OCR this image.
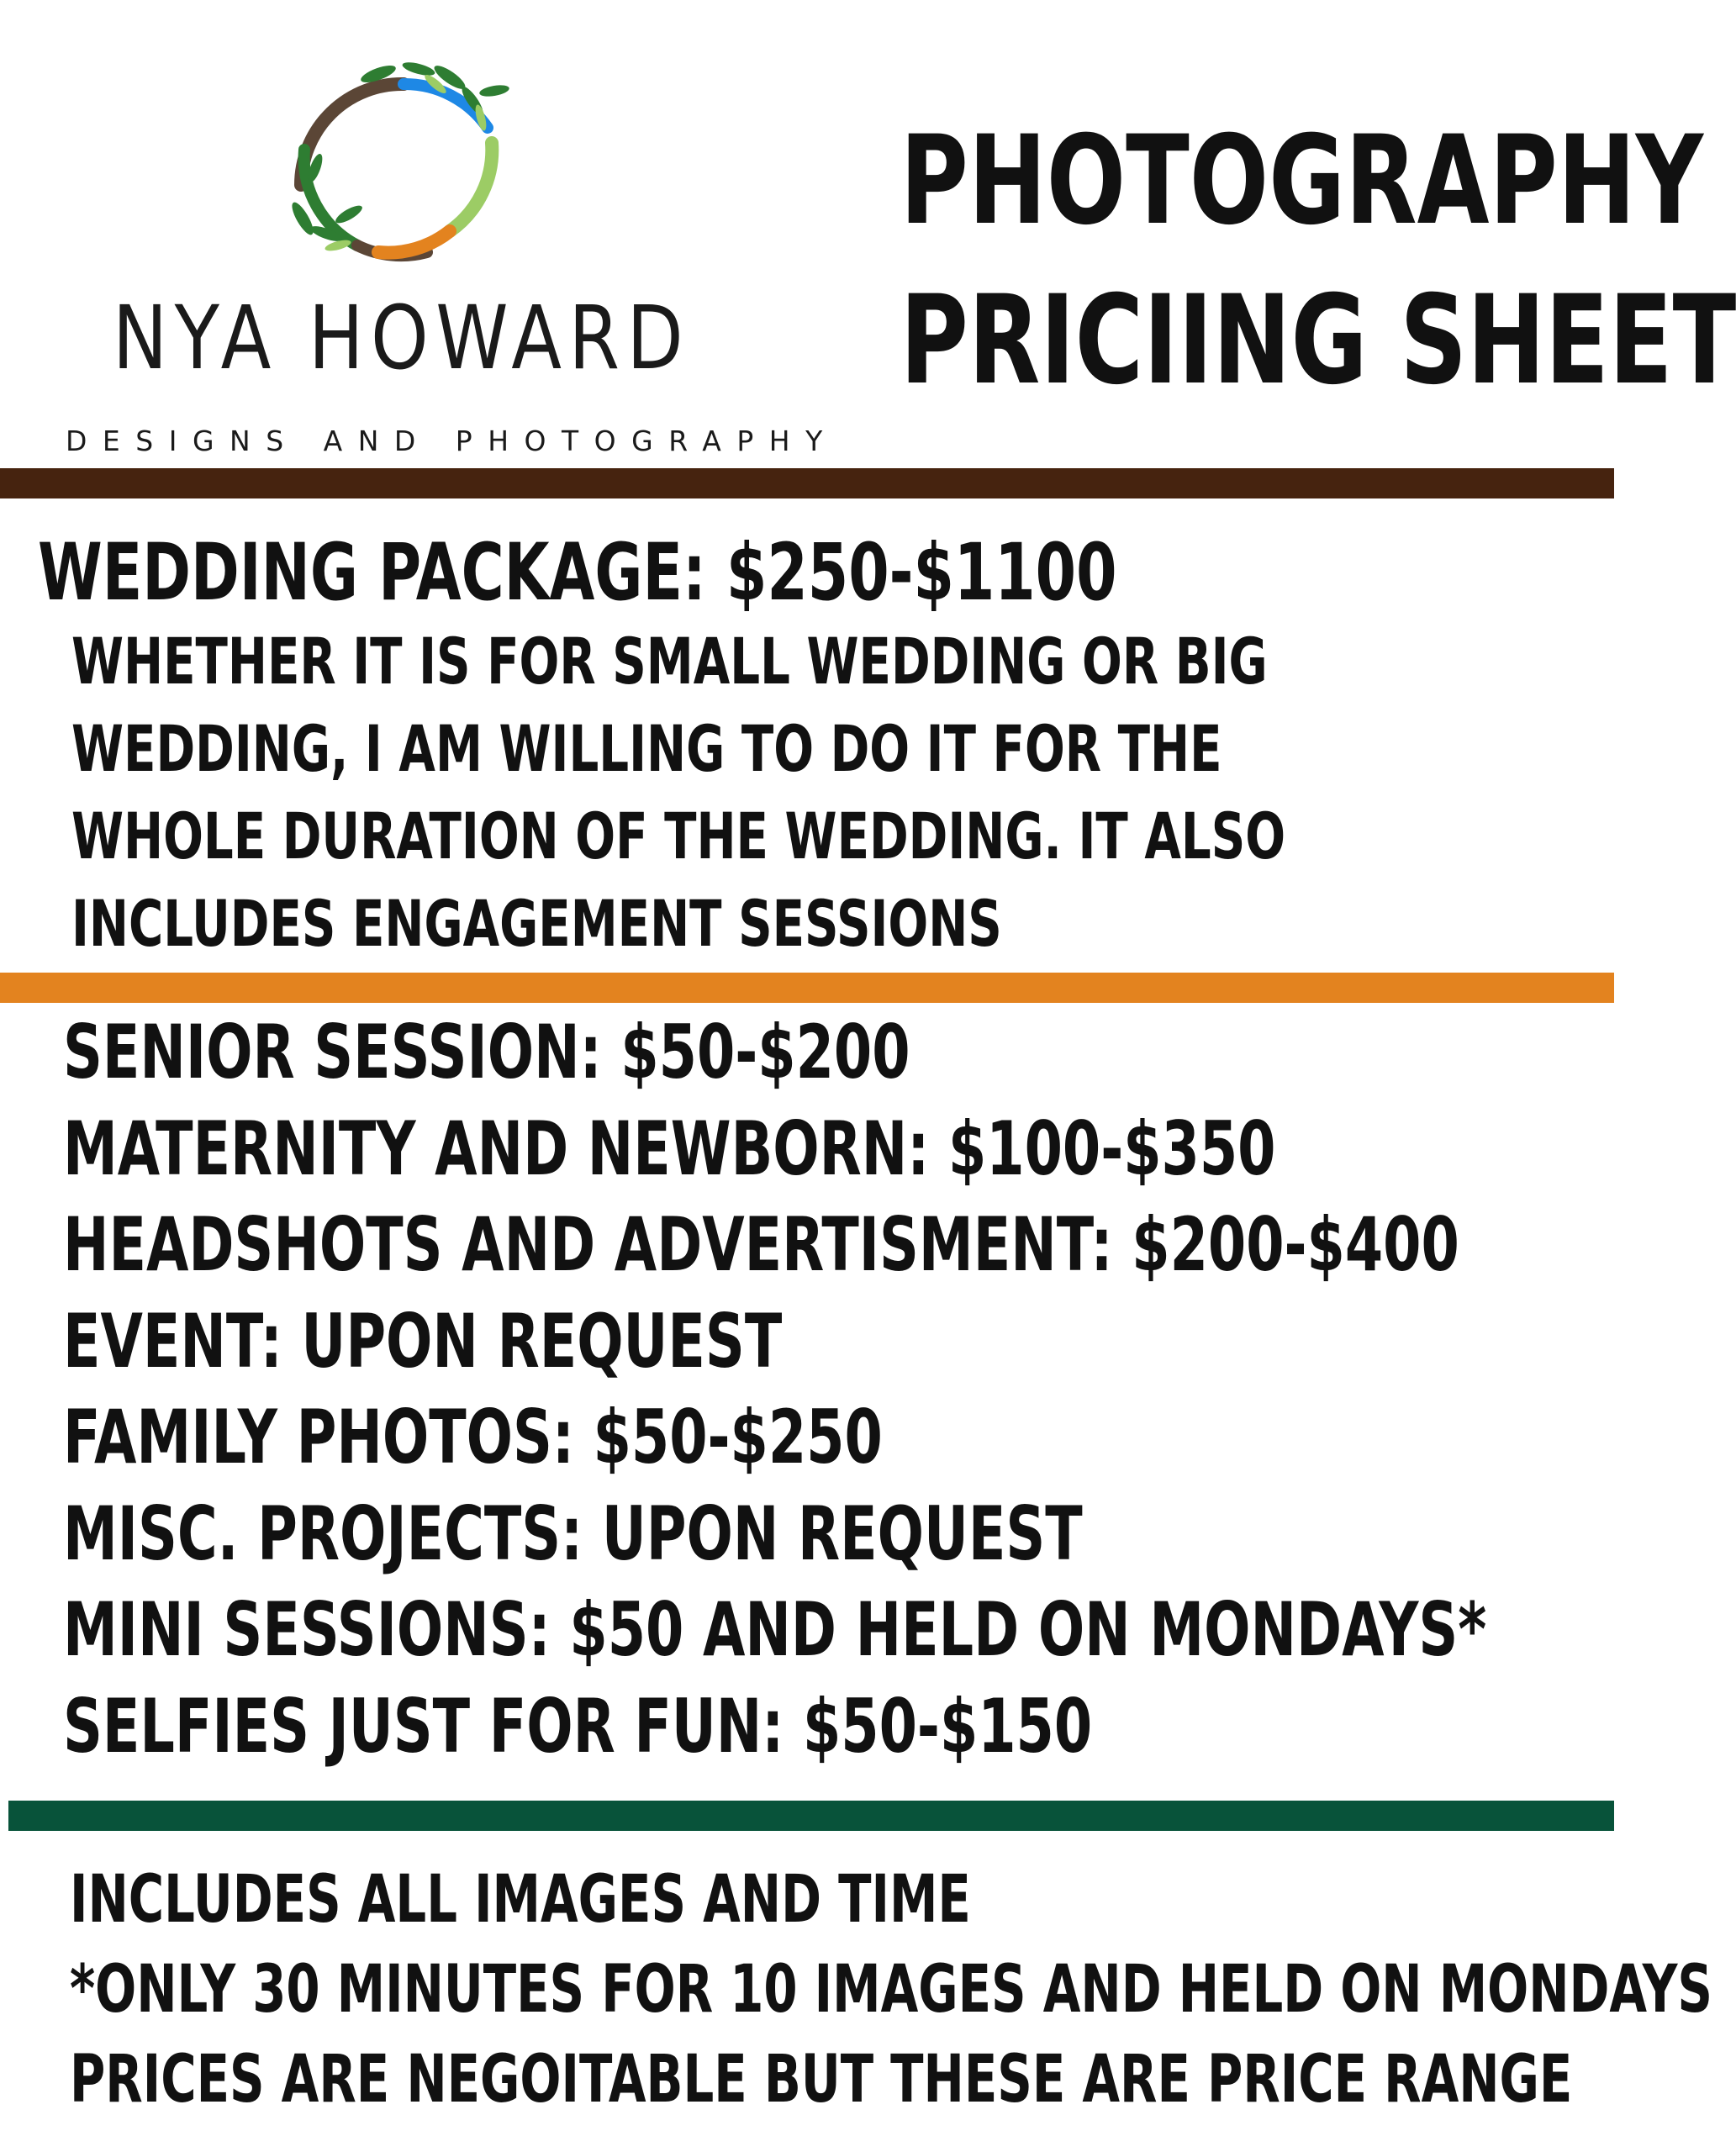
NYA HOWARD
DESIGNS AND PHOTOGRAPHY
PHOTOGRAPHY
PRICIING SHEET
WEDDING PACKAGE: $250-$1100
WHETHER IT IS FOR SMALL WEDDING OR BIG
WEDDING, I AM WILLING TO DO IT FOR THE
WHOLE DURATION OF THE WEDDING. IT ALSO
INCLUDES ENGAGEMENT SESSIONS
SENIOR SESSION: $50-$200
MATERNITY AND NEWBORN: $100-$350
HEADSHOTS AND ADVERTISMENT: $200-$400
EVENT: UPON REQUEST
FAMILY PHOTOS: $50-$250
MISC. PROJECTS: UPON REQUEST
MINI SESSIONS: $50 AND HELD ON MONDAYS*
SELFIES JUST FOR FUN: $50-$150
INCLUDES ALL IMAGES AND TIME
*ONLY 30 MINUTES FOR 10 IMAGES AND HELD ON MONDAYS
PRICES ARE NEGOITABLE BUT THESE ARE PRICE RANGE
